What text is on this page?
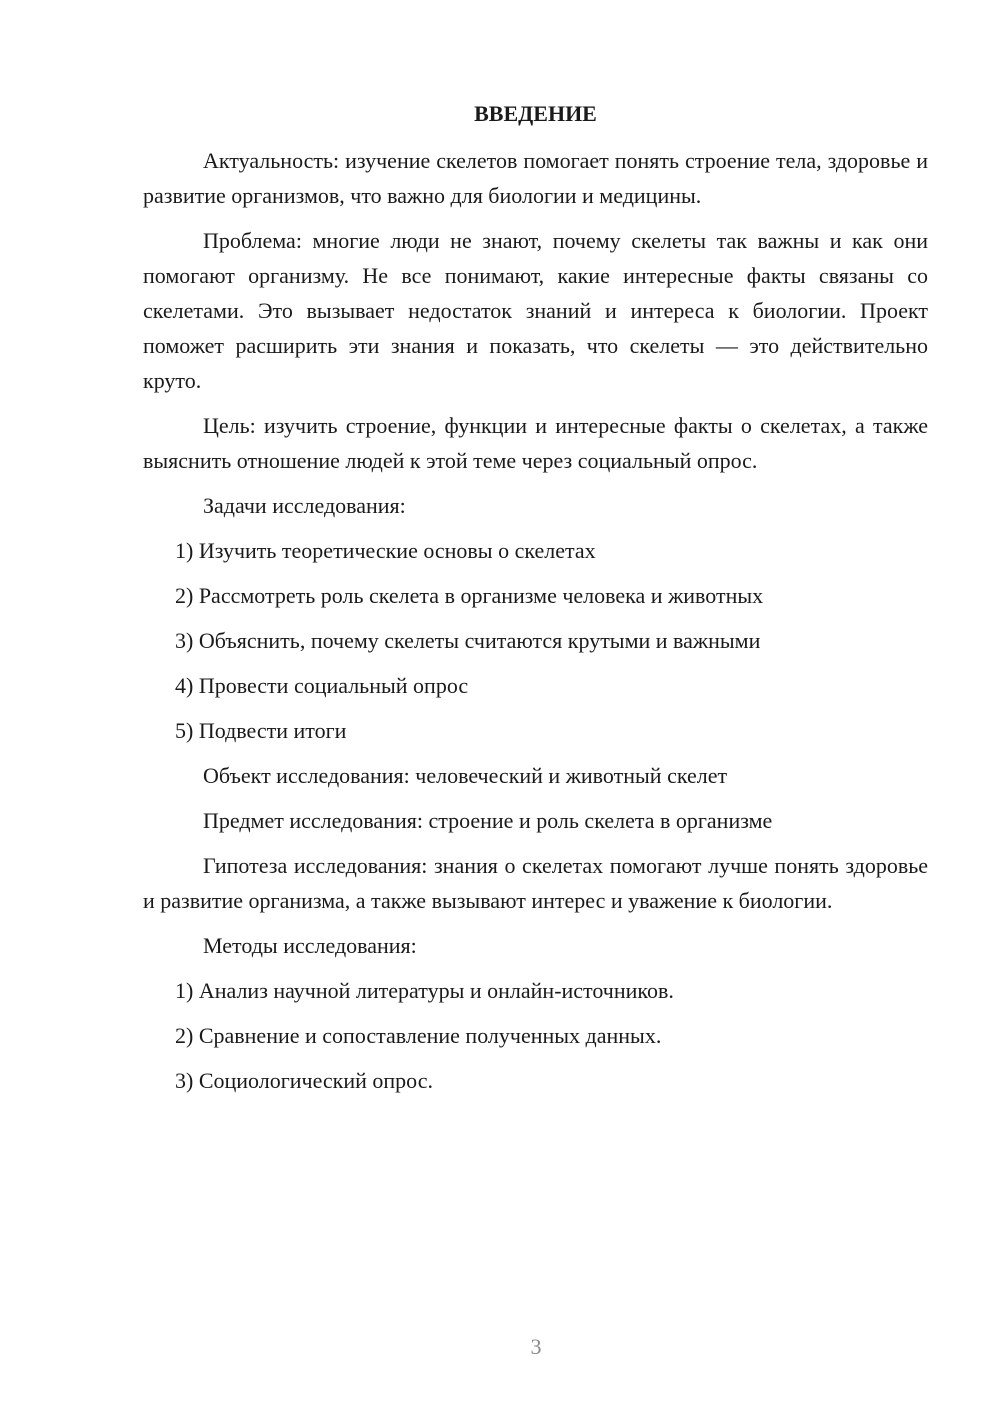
ВВЕДЕНИЕ

Актуальность: изучение скелетов помогает понять строение тела, здоровье и развитие организмов, что важно для биологии и медицины.

Проблема: многие люди не знают, почему скелеты так важны и как они помогают организму. Не все понимают, какие интересные факты связаны со скелетами. Это вызывает недостаток знаний и интереса к биологии. Проект поможет расширить эти знания и показать, что скелеты — это действительно круто.

Цель: изучить строение, функции и интересные факты о скелетах, а также выяснить отношение людей к этой теме через социальный опрос.

Задачи исследования:

1) Изучить теоретические основы о скелетах
2) Рассмотреть роль скелета в организме человека и животных
3) Объяснить, почему скелеты считаются крутыми и важными
4) Провести социальный опрос
5) Подвести итоги

Объект исследования: человеческий и животный скелет

Предмет исследования: строение и роль скелета в организме

Гипотеза исследования: знания о скелетах помогают лучше понять здоровье и развитие организма, а также вызывают интерес и уважение к биологии.

Методы исследования:

1) Анализ научной литературы и онлайн-источников.
2) Сравнение и сопоставление полученных данных.
3) Социологический опрос.
3
